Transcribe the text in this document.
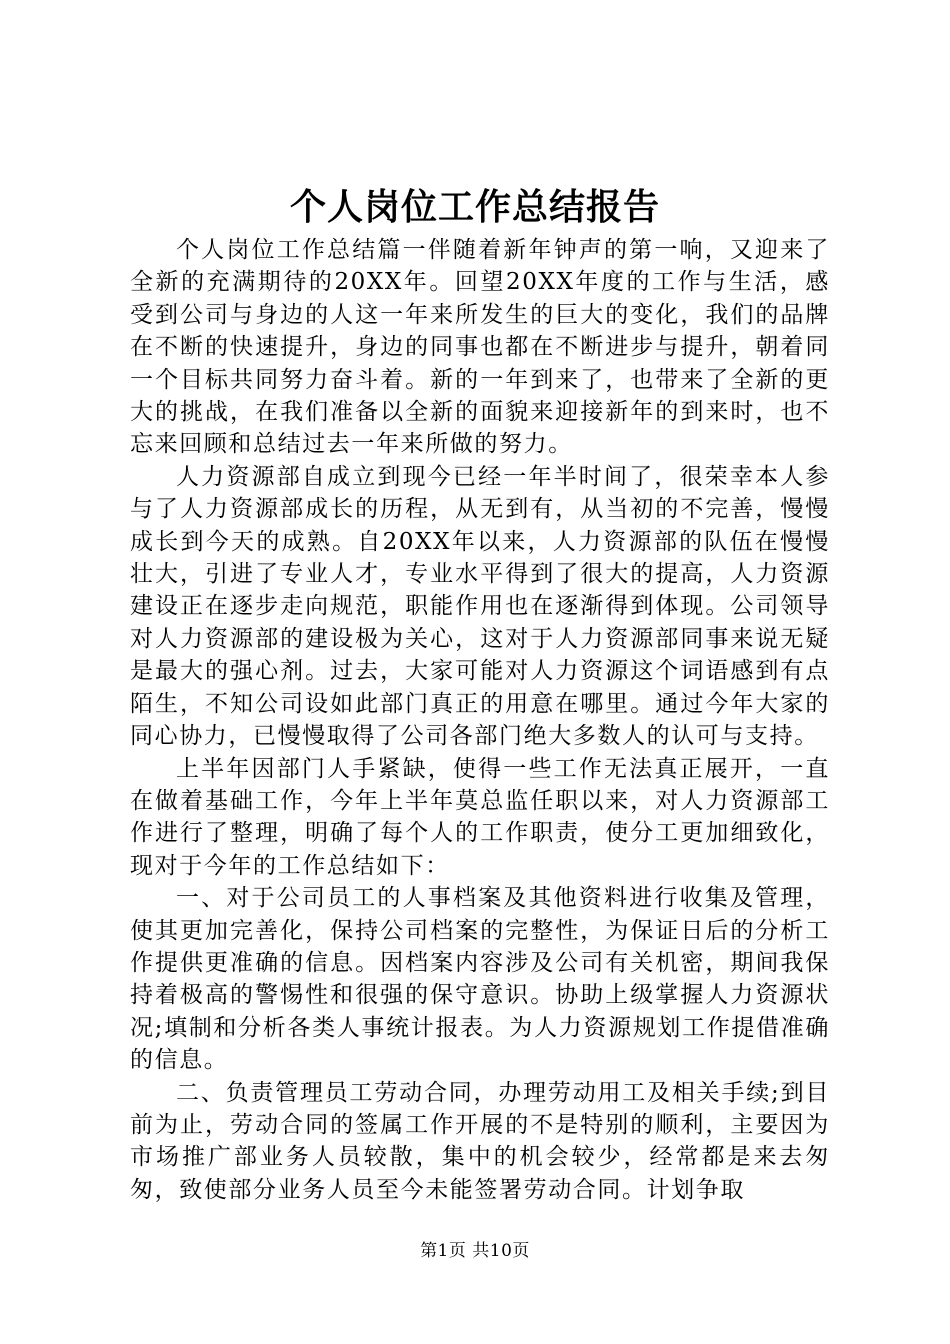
个人岗位工作总结报告

个人岗位工作总结篇一伴随着新年钟声的第一响，又迎来了全新的充满期待的20XX年。回望20XX年度的工作与生活，感受到公司与身边的人这一年来所发生的巨大的变化，我们的品牌在不断的快速提升，身边的同事也都在不断进步与提升，朝着同一个目标共同努力奋斗着。新的一年到来了，也带来了全新的更大的挑战，在我们准备以全新的面貌来迎接新年的到来时，也不忘来回顾和总结过去一年来所做的努力。

人力资源部自成立到现今已经一年半时间了，很荣幸本人参与了人力资源部成长的历程，从无到有，从当初的不完善，慢慢成长到今天的成熟。自20XX年以来，人力资源部的队伍在慢慢壮大，引进了专业人才，专业水平得到了很大的提高，人力资源建设正在逐步走向规范，职能作用也在逐渐得到体现。公司领导对人力资源部的建设极为关心，这对于人力资源部同事来说无疑是最大的强心剂。过去，大家可能对人力资源这个词语感到有点陌生，不知公司设如此部门真正的用意在哪里。通过今年大家的同心协力，已慢慢取得了公司各部门绝大多数人的认可与支持。

上半年因部门人手紧缺，使得一些工作无法真正展开，一直在做着基础工作，今年上半年莫总监任职以来，对人力资源部工作进行了整理，明确了每个人的工作职责，使分工更加细致化，现对于今年的工作总结如下：

一、对于公司员工的人事档案及其他资料进行收集及管理，使其更加完善化，保持公司档案的完整性，为保证日后的分析工作提供更准确的信息。因档案内容涉及公司有关机密，期间我保持着极高的警惕性和很强的保守意识。协助上级掌握人力资源状况;填制和分析各类人事统计报表。为人力资源规划工作提借准确的信息。

二、负责管理员工劳动合同，办理劳动用工及相关手续;到目前为止，劳动合同的签属工作开展的不是特别的顺利，主要因为市场推广部业务人员较散，集中的机会较少，经常都是来去匆匆，致使部分业务人员至今未能签署劳动合同。计划争取

第1页 共10页
